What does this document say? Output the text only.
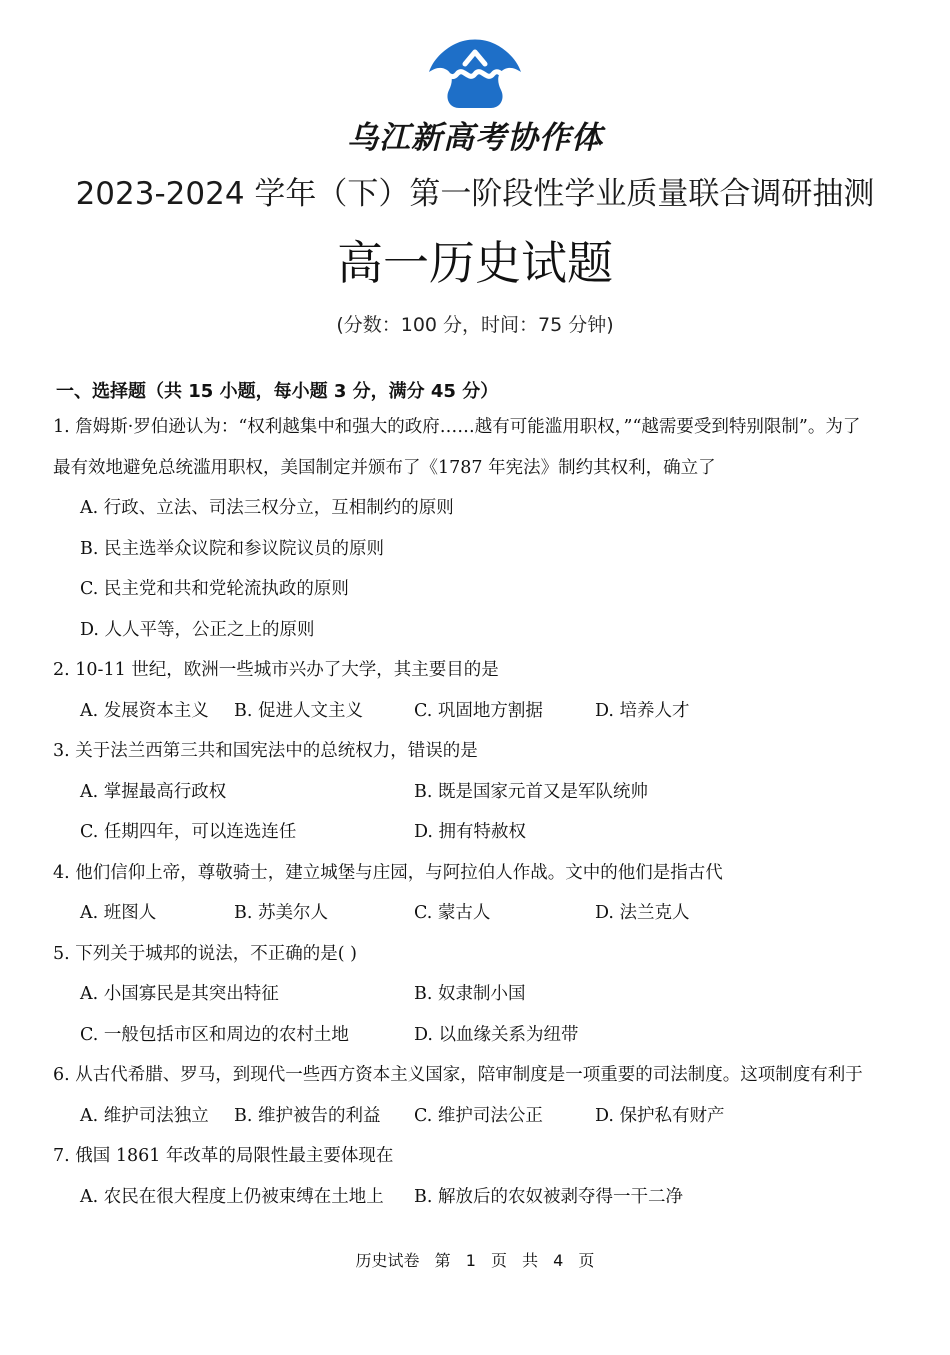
乌江新高考协作体
2023-2024 学年（下）第一阶段性学业质量联合调研抽测
高一历史试题
(分数：100 分，时间：75 分钟)
一、选择题（共 15 小题，每小题 3 分，满分 45 分）
1. 詹姆斯·罗伯逊认为：“权利越集中和强大的政府……越有可能滥用职权，”“越需要受到特别限制”。为了
最有效地避免总统滥用职权，美国制定并颁布了《1787 年宪法》制约其权利，确立了
A. 行政、立法、司法三权分立，互相制约的原则
B. 民主选举众议院和参议院议员的原则
C. 民主党和共和党轮流执政的原则
D. 人人平等，公正之上的原则
2. 10-11 世纪，欧洲一些城市兴办了大学，其主要目的是
A. 发展资本主义 B. 促进人文主义	C. 巩固地方割据	D. 培养人才
3. 关于法兰西第三共和国宪法中的总统权力，错误的是
A. 掌握最高行政权	B. 既是国家元首又是军队统帅
C. 任期四年，可以连选连任	D. 拥有特赦权
4. 他们信仰上帝，尊敬骑士，建立城堡与庄园，与阿拉伯人作战。文中的他们是指古代
A. 班图人	B. 苏美尔人	C. 蒙古人	D. 法兰克人
5. 下列关于城邦的说法，不正确的是( )
A. 小国寡民是其突出特征	B. 奴隶制小国
C. 一般包括市区和周边的农村土地	D. 以血缘关系为纽带
6. 从古代希腊、罗马，到现代一些西方资本主义国家，陪审制度是一项重要的司法制度。这项制度有利于
A. 维护司法独立 B. 维护被告的利益 C. 维护司法公正	D. 保护私有财产
7. 俄国 1861 年改革的局限性最主要体现在
A. 农民在很大程度上仍被束缚在土地上 B. 解放后的农奴被剥夺得一干二净
历史试卷 第 1 页 共 4 页
